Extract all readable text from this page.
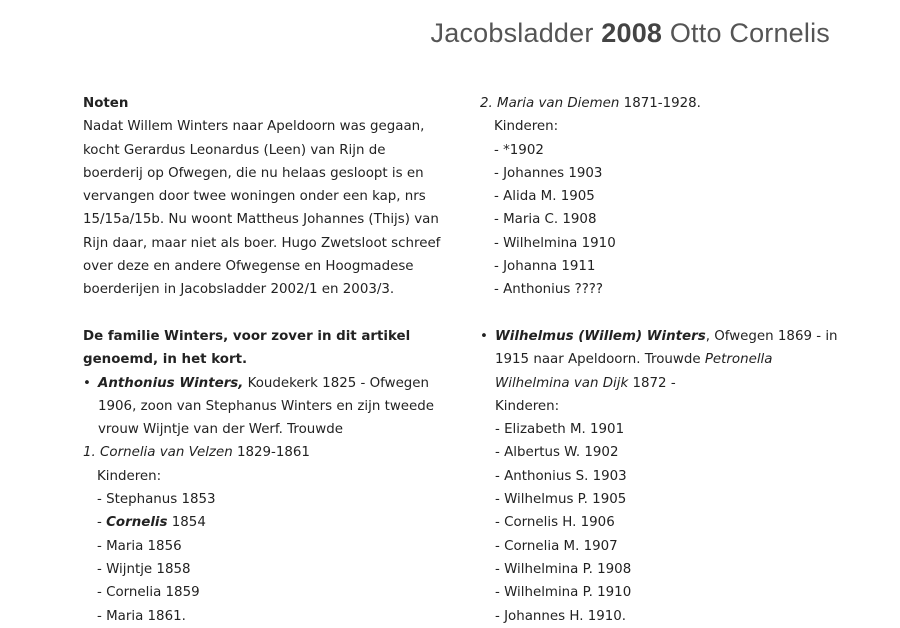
Jacobsladder 2008 Otto Cornelis
Noten
Nadat Willem Winters naar Apeldoorn was gegaan,
kocht Gerardus Leonardus (Leen) van Rijn de
boerderij op Ofwegen, die nu helaas gesloopt is en
vervangen door twee woningen onder een kap, nrs
15/15a/15b. Nu woont Mattheus Johannes (Thijs) van
Rijn daar, maar niet als boer. Hugo Zwetsloot schreef
over deze en andere Ofwegense en Hoogmadese
boerderijen in Jacobsladder 2002/1 en 2003/3.
De familie Winters, voor zover in dit artikel
genoemd, in het kort.
• Anthonius Winters, Koudekerk 1825 - Ofwegen
1906, zoon van Stephanus Winters en zijn tweede
vrouw Wijntje van der Werf. Trouwde
1. Cornelia van Velzen 1829-1861
Kinderen:
- Stephanus 1853
- Cornelis 1854
- Maria 1856
- Wijntje 1858
- Cornelia 1859
- Maria 1861.
2. Maria van Diemen 1871-1928.
Kinderen:
- *1902
- Johannes 1903
- Alida M. 1905
- Maria C. 1908
- Wilhelmina 1910
- Johanna 1911
- Anthonius ????
• Wilhelmus (Willem) Winters, Ofwegen 1869 - in
1915 naar Apeldoorn. Trouwde Petronella
Wilhelmina van Dijk 1872 -
Kinderen:
- Elizabeth M. 1901
- Albertus W. 1902
- Anthonius S. 1903
- Wilhelmus P. 1905
- Cornelis H. 1906
- Cornelia M. 1907
- Wilhelmina P. 1908
- Wilhelmina P. 1910
- Johannes H. 1910.
